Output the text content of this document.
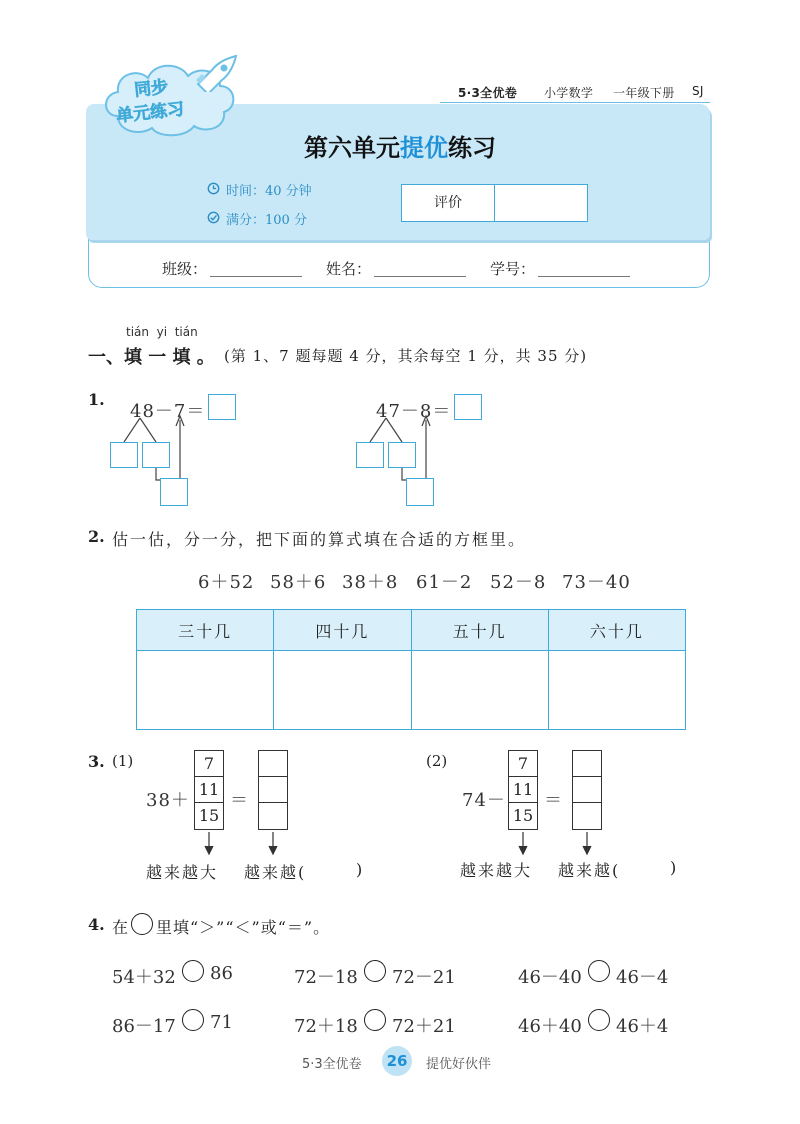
5·3全优卷 小学数学 一年级下册 SJ
同步
单元练习
第六单元提优练习
时间：40 分钟
满分：100 分
评价
班级：	姓名：	学号：
tián  yi  tián
一、填 一 填 。 (第 1、7 题每题 4 分，其余每空 1 分，共 35 分)
1.
48－7＝	47－8＝
2. 估一估，分一分，把下面的算式填在合适的方框里。
6＋52 58＋6 38＋8 61－2 52－8 73－40
三十几	四十几	五十几	六十几

3. (1)
38＋
7
11
15
＝
越来越大 越来越(	)
(2)
74－
7
11
15
＝
越来越大 越来越(	)
4. 在 里填“＞”“＜”或“＝”。
54＋32 86	72－18 72－21	46－40 46－4
86－17 71	72＋18 72＋21	46＋40 46＋4
5·3全优卷	26	提优好伙伴
